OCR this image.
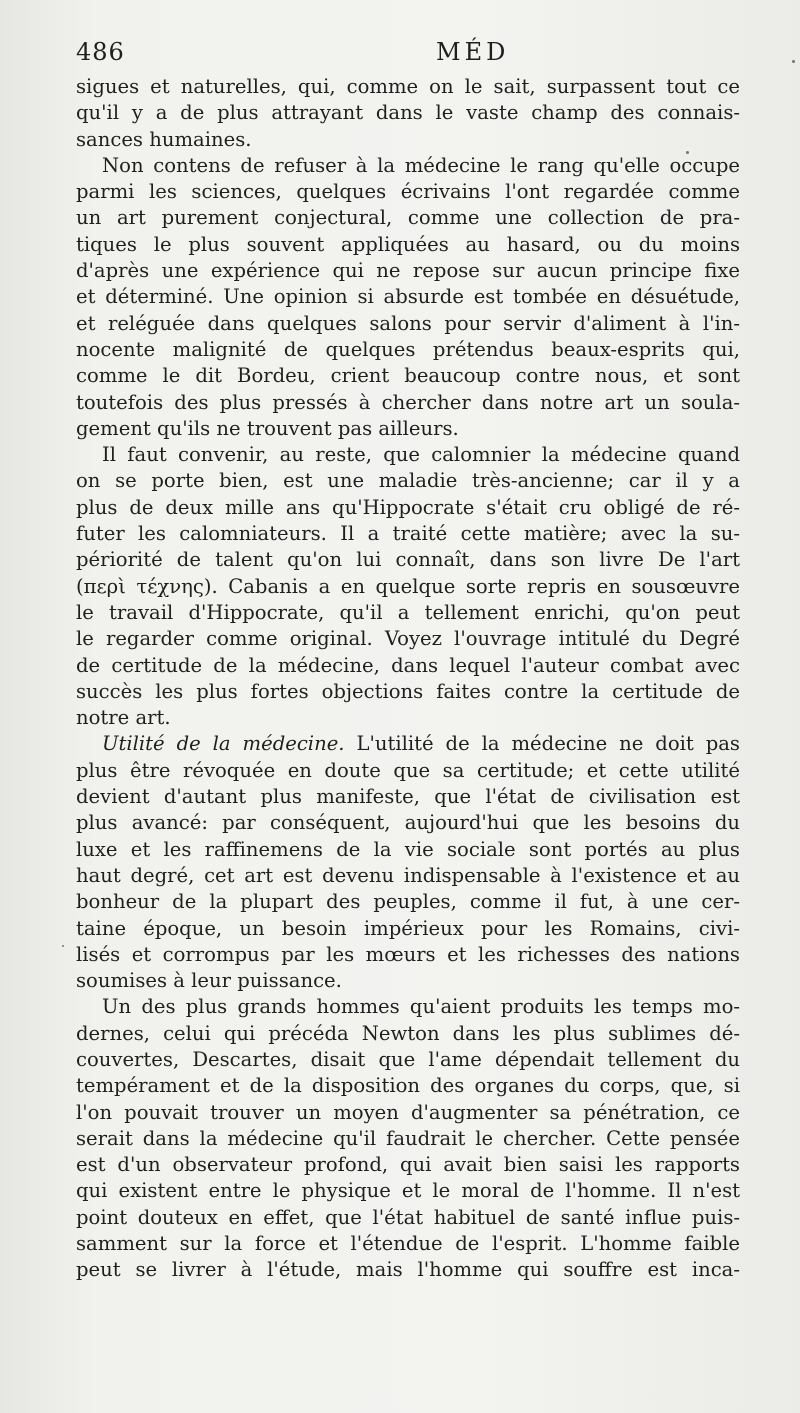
486	MÉD
sigues et naturelles, qui, comme on le sait, surpassent tout ce
qu'il y a de plus attrayant dans le vaste champ des connais-
sances humaines.
Non contens de refuser à la médecine le rang qu'elle occupe
parmi les sciences, quelques écrivains l'ont regardée comme
un art purement conjectural, comme une collection de pra-
tiques le plus souvent appliquées au hasard, ou du moins
d'après une expérience qui ne repose sur aucun principe fixe
et déterminé. Une opinion si absurde est tombée en désuétude,
et reléguée dans quelques salons pour servir d'aliment à l'in-
nocente malignité de quelques prétendus beaux-esprits qui,
comme le dit Bordeu, crient beaucoup contre nous, et sont
toutefois des plus pressés à chercher dans notre art un soula-
gement qu'ils ne trouvent pas ailleurs.
Il faut convenir, au reste, que calomnier la médecine quand
on se porte bien, est une maladie très-ancienne; car il y a
plus de deux mille ans qu'Hippocrate s'était cru obligé de ré-
futer les calomniateurs. Il a traité cette matière; avec la su-
périorité de talent qu'on lui connaît, dans son livre De l'art
(περὶ τέχνης). Cabanis a en quelque sorte repris en sousœuvre
le travail d'Hippocrate, qu'il a tellement enrichi, qu'on peut
le regarder comme original. Voyez l'ouvrage intitulé du Degré
de certitude de la médecine, dans lequel l'auteur combat avec
succès les plus fortes objections faites contre la certitude de
notre art.
Utilité de la médecine. L'utilité de la médecine ne doit pas
plus être révoquée en doute que sa certitude; et cette utilité
devient d'autant plus manifeste, que l'état de civilisation est
plus avancé: par conséquent, aujourd'hui que les besoins du
luxe et les raffinemens de la vie sociale sont portés au plus
haut degré, cet art est devenu indispensable à l'existence et au
bonheur de la plupart des peuples, comme il fut, à une cer-
taine époque, un besoin impérieux pour les Romains, civi-
lisés et corrompus par les mœurs et les richesses des nations
soumises à leur puissance.
Un des plus grands hommes qu'aient produits les temps mo-
dernes, celui qui précéda Newton dans les plus sublimes dé-
couvertes, Descartes, disait que l'ame dépendait tellement du
tempérament et de la disposition des organes du corps, que, si
l'on pouvait trouver un moyen d'augmenter sa pénétration, ce
serait dans la médecine qu'il faudrait le chercher. Cette pensée
est d'un observateur profond, qui avait bien saisi les rapports
qui existent entre le physique et le moral de l'homme. Il n'est
point douteux en effet, que l'état habituel de santé influe puis-
samment sur la force et l'étendue de l'esprit. L'homme faible
peut se livrer à l'étude, mais l'homme qui souffre est inca-
